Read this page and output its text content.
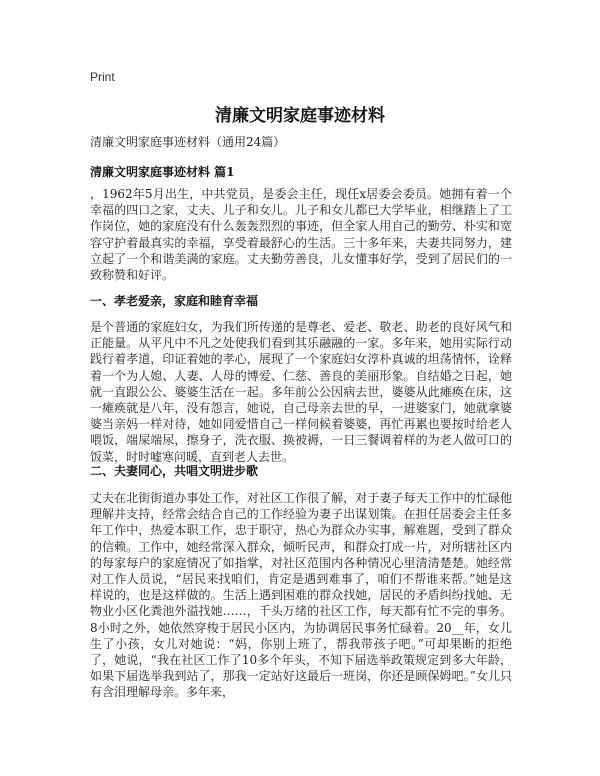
Print
清廉文明家庭事迹材料
清廉文明家庭事迹材料（通用24篇）
清廉文明家庭事迹材料 篇1
，1962年5月出生，中共党员，是委会主任，现任x居委会委员。她拥有着一个幸福的四口之家，丈夫、儿子和女儿。儿子和女儿都已大学毕业，相继踏上了工作岗位，她的家庭没有什么轰轰烈烈的事迹，但全家人用自己的勤劳、朴实和宽容守护着最真实的幸福，享受着最舒心的生活。三十多年来，夫妻共同努力，建立起了一个和谐美满的家庭。丈夫勤劳善良，儿女懂事好学，受到了居民们的一致称赞和好评。
一、孝老爱亲，家庭和睦育幸福
是个普通的家庭妇女，为我们所传递的是尊老、爱老、敬老、助老的良好风气和正能量。从平凡中不凡之处使我们看到其乐融融的一家。多年来，她用实际行动践行着孝道，印证着她的孝心，展现了一个家庭妇女淳朴真诚的坦荡情怀，诠释着一个为人媳、人妻、人母的博爱、仁慈、善良的美丽形象。自结婚之日起，她就一直跟公公、婆婆生活在一起。多年前公公因病去世，婆婆从此瘫痪在床，这一瘫痪就是八年，没有怨言，她说，自己母亲去世的早，一进婆家门，她就拿婆婆当亲妈一样对待，她如同爱惜自己一样伺候着婆婆，再忙再累也要按时给老人喂饭，端屎端尿，擦身子，洗衣服、换被褥，一日三餐调着样的为老人做可口的饭菜，时时嘘寒问暖，直到老人去世。
二、夫妻同心，共唱文明进步歌
丈夫在北街街道办事处工作，对社区工作很了解，对于妻子每天工作中的忙碌他理解并支持，经常会结合自己的工作经验为妻子出谋划策。在担任居委会主任多年工作中，热爱本职工作，忠于职守，热心为群众办实事，解难题，受到了群众的信赖。工作中，她经常深入群众，倾听民声，和群众打成一片，对所辖社区内的每家每户的家庭情况了如指掌，对社区范围内各种情况心里清清楚楚。她经常对工作人员说，“居民来找咱们，肯定是遇到难事了，咱们不帮谁来帮。”她是这样说的，也是这样做的。生活上遇到困难的群众找她，居民的矛盾纠纷找她、无物业小区化粪池外溢找她……，千头万绪的社区工作，每天都有忙不完的事务。8小时之外，她依然穿梭于居民小区内，为协调居民事务忙碌着。20__年，女儿生了小孩，女儿对她说：“妈，你别上班了，帮我带孩子吧。”可却果断的拒绝了，她说，“我在社区工作了10多个年头，不知下届选举政策规定到多大年龄，如果下届选举我到站了，那我一定站好这最后一班岗，你还是顾保姆吧。”女儿只有含泪理解母亲。多年来，
